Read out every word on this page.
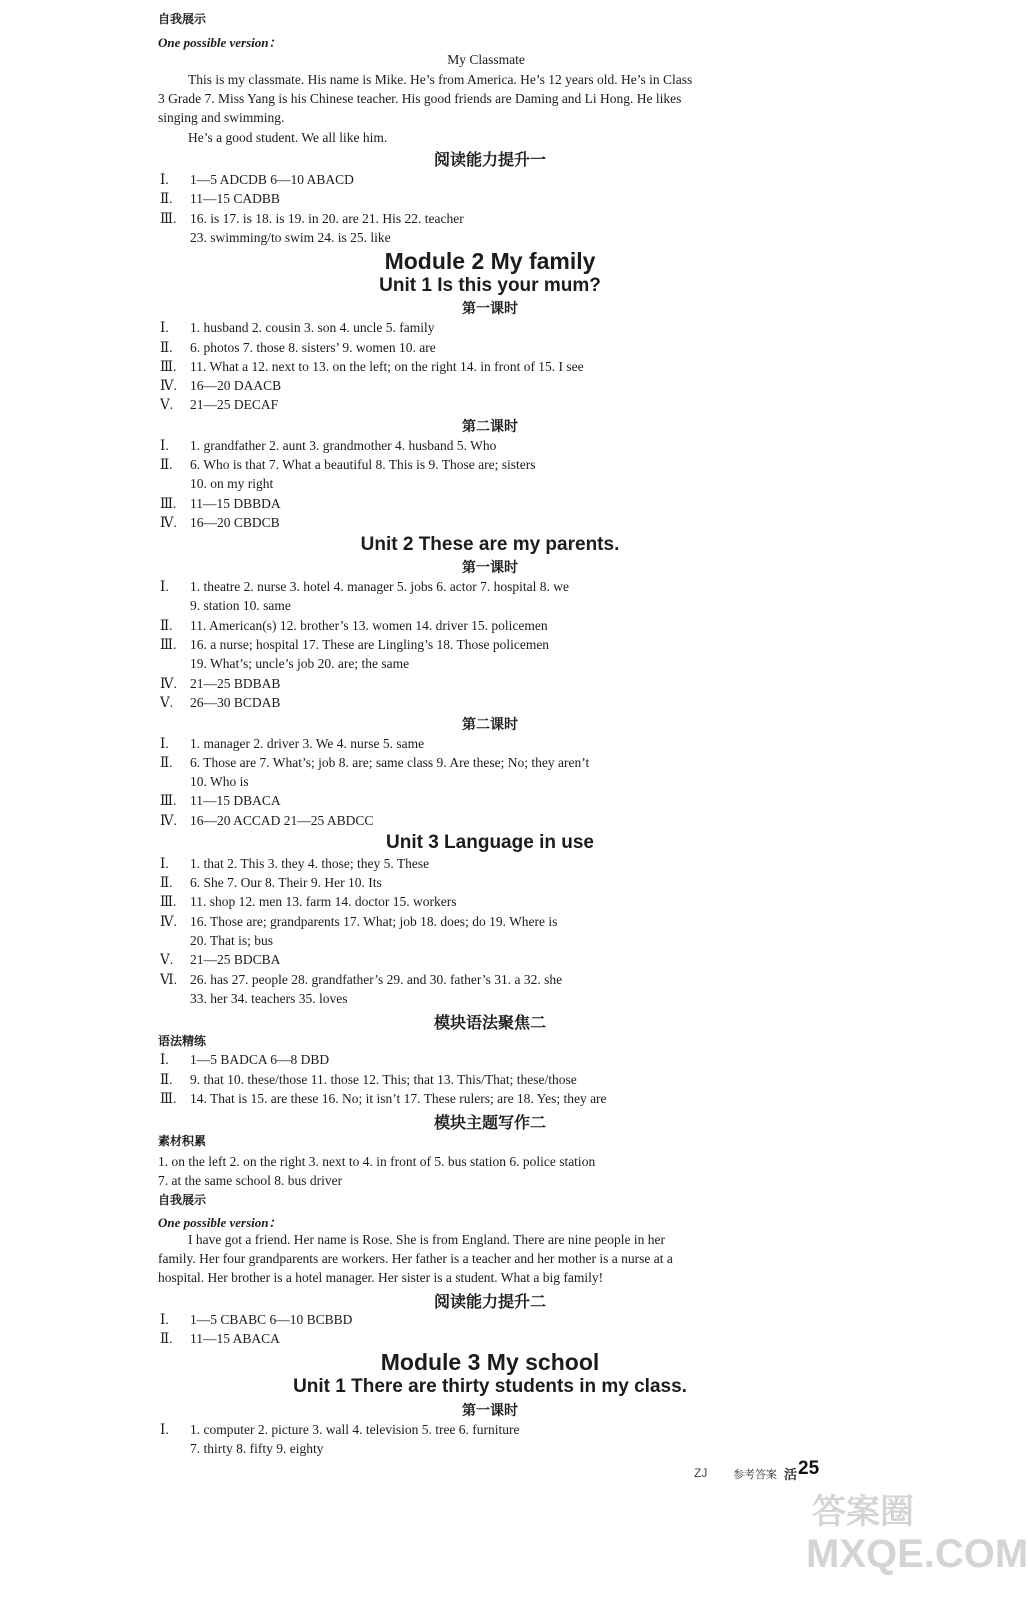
自我展示
One possible version：
My Classmate
This is my classmate. His name is Mike. He’s from America. He’s 12 years old. He’s in Class
3 Grade 7. Miss Yang is his Chinese teacher. His good friends are Daming and Li Hong. He likes
singing and swimming.
He’s a good student. We all like him.
阅读能力提升一
Ⅰ. 1—5 ADCDB 6—10 ABACD
Ⅱ. 11—15 CADBB
Ⅲ. 16. is 17. is 18. is 19. in 20. are 21. His 22. teacher
23. swimming/to swim 24. is 25. like
Module 2 My family
Unit 1 Is this your mum?
第一课时
Ⅰ. 1. husband 2. cousin 3. son 4. uncle 5. family
Ⅱ. 6. photos 7. those 8. sisters’ 9. women 10. are
Ⅲ. 11. What a 12. next to 13. on the left; on the right 14. in front of 15. I see
Ⅳ. 16—20 DAACB
Ⅴ. 21—25 DECAF
第二课时
Ⅰ. 1. grandfather 2. aunt 3. grandmother 4. husband 5. Who
Ⅱ. 6. Who is that 7. What a beautiful 8. This is 9. Those are; sisters
10. on my right
Ⅲ. 11—15 DBBDA
Ⅳ. 16—20 CBDCB
Unit 2 These are my parents.
第一课时
Ⅰ. 1. theatre 2. nurse 3. hotel 4. manager 5. jobs 6. actor 7. hospital 8. we
9. station 10. same
Ⅱ. 11. American(s) 12. brother’s 13. women 14. driver 15. policemen
Ⅲ. 16. a nurse; hospital 17. These are Lingling’s 18. Those policemen
19. What’s; uncle’s job 20. are; the same
Ⅳ. 21—25 BDBAB
Ⅴ. 26—30 BCDAB
第二课时
Ⅰ. 1. manager 2. driver 3. We 4. nurse 5. same
Ⅱ. 6. Those are 7. What’s; job 8. are; same class 9. Are these; No; they aren’t
10. Who is
Ⅲ. 11—15 DBACA
Ⅳ. 16—20 ACCAD 21—25 ABDCC
Unit 3 Language in use
Ⅰ. 1. that 2. This 3. they 4. those; they 5. These
Ⅱ. 6. She 7. Our 8. Their 9. Her 10. Its
Ⅲ. 11. shop 12. men 13. farm 14. doctor 15. workers
Ⅳ. 16. Those are; grandparents 17. What; job 18. does; do 19. Where is
20. That is; bus
Ⅴ. 21—25 BDCBA
Ⅵ. 26. has 27. people 28. grandfather’s 29. and 30. father’s 31. a 32. she
33. her 34. teachers 35. loves
模块语法聚焦二
语法精练
Ⅰ. 1—5 BADCA 6—8 DBD
Ⅱ. 9. that 10. these/those 11. those 12. This; that 13. This/That; these/those
Ⅲ. 14. That is 15. are these 16. No; it isn’t 17. These rulers; are 18. Yes; they are
模块主题写作二
素材积累
1. on the left 2. on the right 3. next to 4. in front of 5. bus station 6. police station
7. at the same school 8. bus driver
自我展示
One possible version：
I have got a friend. Her name is Rose. She is from England. There are nine people in her
family. Her four grandparents are workers. Her father is a teacher and her mother is a nurse at a
hospital. Her brother is a hotel manager. Her sister is a student. What a big family!
阅读能力提升二
Ⅰ. 1—5 CBABC 6—10 BCBBD
Ⅱ. 11—15 ABACA
Module 3 My school
Unit 1 There are thirty students in my class.
第一课时
Ⅰ. 1. computer 2. picture 3. wall 4. television 5. tree 6. furniture
7. thirty 8. fifty 9. eighty
ZJ 参考答案 活 25
答案圈
MXQE.COM
